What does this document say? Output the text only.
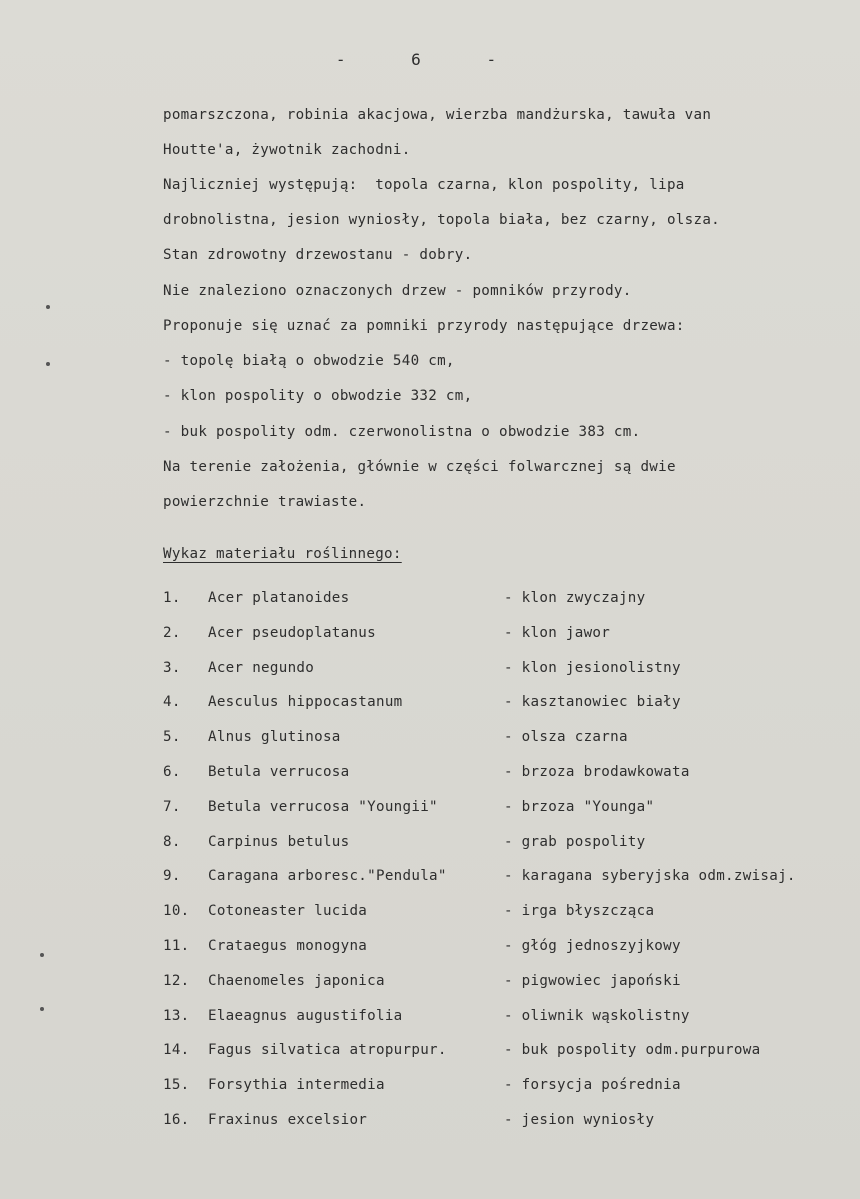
- 6 -
pomarszczona, robinia akacjowa, wierzba mandżurska, tawuła van
Houtte'a, żywotnik zachodni.
Najliczniej występują:  topola czarna, klon pospolity, lipa
drobnolistna, jesion wyniosły, topola biała, bez czarny, olsza.
Stan zdrowotny drzewostanu - dobry.
Nie znaleziono oznaczonych drzew - pomników przyrody.
Proponuje się uznać za pomniki przyrody następujące drzewa:
- topolę białą o obwodzie 540 cm,
- klon pospolity o obwodzie 332 cm,
- buk pospolity odm. czerwonolistna o obwodzie 383 cm.
Na terenie założenia, głównie w części folwarcznej są dwie
powierzchnie trawiaste.
Wykaz materiału roślinnego:
1. Acer platanoides	- klon zwyczajny
2. Acer pseudoplatanus	- klon jawor
3. Acer negundo	- klon jesionolistny
4. Aesculus hippocastanum	- kasztanowiec biały
5. Alnus glutinosa	- olsza czarna
6. Betula verrucosa	- brzoza brodawkowata
7. Betula verrucosa "Youngii"	- brzoza "Younga"
8. Carpinus betulus	- grab pospolity
9. Caragana arboresc."Pendula"	- karagana syberyjska odm.zwisaj.
10. Cotoneaster lucida	- irga błyszcząca
11. Crataegus monogyna	- głóg jednoszyjkowy
12. Chaenomeles japonica	- pigwowiec japoński
13. Elaeagnus augustifolia	- oliwnik wąskolistny
14. Fagus silvatica atropurpur.	- buk pospolity odm.purpurowa
15. Forsythia intermedia	- forsycja pośrednia
16. Fraxinus excelsior	- jesion wyniosły
